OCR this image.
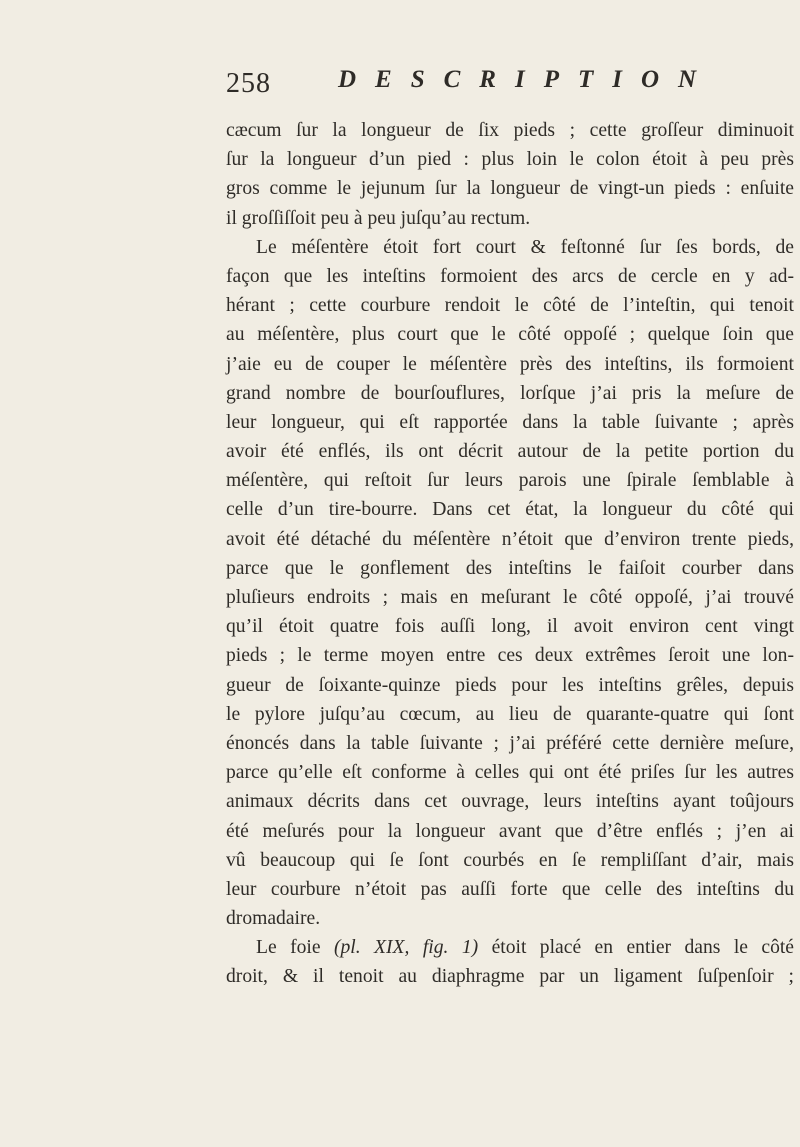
258	DESCRIPTION
cæcum ſur la longueur de ſix pieds ; cette groſſeur diminuoit
ſur la longueur d’un pied : plus loin le colon étoit à peu près
gros comme le jejunum ſur la longueur de vingt-un pieds : enſuite
il groſſiſſoit peu à peu juſqu’au rectum.
Le méſentère étoit fort court & feſtonné ſur ſes bords, de
façon que les inteſtins formoient des arcs de cercle en y ad-
hérant ; cette courbure rendoit le côté de l’inteſtin, qui tenoit
au méſentère, plus court que le côté oppoſé ; quelque ſoin que
j’aie eu de couper le méſentère près des inteſtins, ils formoient
grand nombre de bourſouflures, lorſque j’ai pris la meſure de
leur longueur, qui eſt rapportée dans la table ſuivante ; après
avoir été enflés, ils ont décrit autour de la petite portion du
méſentère, qui reſtoit ſur leurs parois une ſpirale ſemblable à
celle d’un tire-bourre. Dans cet état, la longueur du côté qui
avoit été détaché du méſentère n’étoit que d’environ trente pieds,
parce que le gonflement des inteſtins le faiſoit courber dans
pluſieurs endroits ; mais en meſurant le côté oppoſé, j’ai trouvé
qu’il étoit quatre fois auſſi long, il avoit environ cent vingt
pieds ; le terme moyen entre ces deux extrêmes ſeroit une lon-
gueur de ſoixante-quinze pieds pour les inteſtins grêles, depuis
le pylore juſqu’au cœcum, au lieu de quarante-quatre qui ſont
énoncés dans la table ſuivante ; j’ai préféré cette dernière meſure,
parce qu’elle eſt conforme à celles qui ont été priſes ſur les autres
animaux décrits dans cet ouvrage, leurs inteſtins ayant toûjours
été meſurés pour la longueur avant que d’être enflés ; j’en ai
vû beaucoup qui ſe ſont courbés en ſe rempliſſant d’air, mais
leur courbure n’étoit pas auſſi forte que celle des inteſtins du
dromadaire.
Le foie (pl. XIX, fig. 1) étoit placé en entier dans le côté
droit, & il tenoit au diaphragme par un ligament ſuſpenſoir ;
